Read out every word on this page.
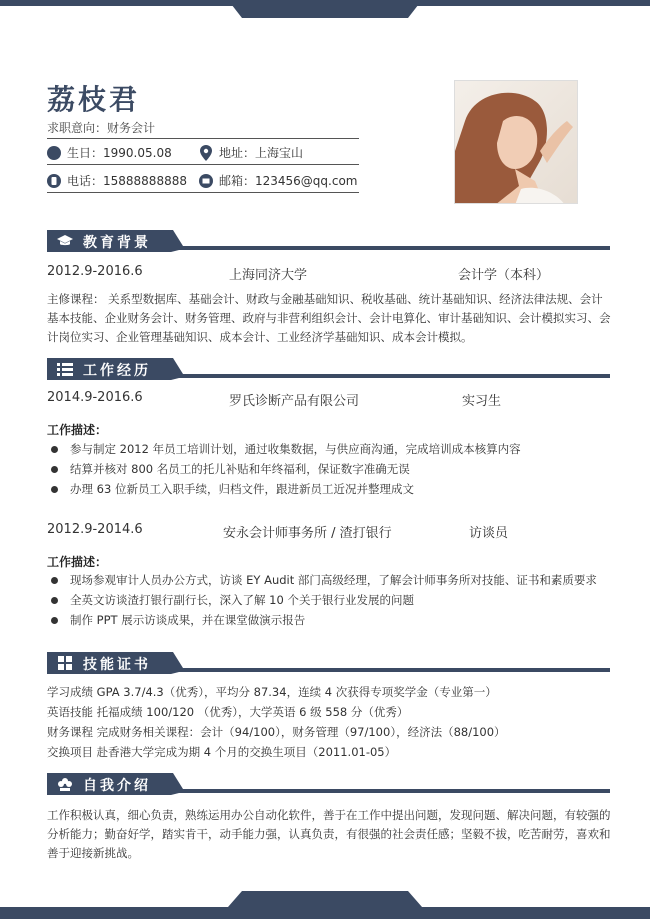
荔枝君
求职意向：财务会计
生日：1990.05.08	地址：上海宝山
电话：15888888888	邮箱：123456@qq.com
教育背景
2012.9-2016.6	上海同济大学	会计学（本科）
主修课程： 关系型数据库、基础会计、财政与金融基础知识、税收基础、统计基础知识、经济法律法规、会计基本技能、企业财务会计、财务管理、政府与非营利组织会计、会计电算化、审计基础知识、会计模拟实习、会计岗位实习、企业管理基础知识、成本会计、工业经济学基础知识、成本会计模拟。
工作经历
2014.9-2016.6	罗氏诊断产品有限公司	实习生
工作描述：
参与制定 2012 年员工培训计划，通过收集数据，与供应商沟通，完成培训成本核算内容
结算并核对 800 名员工的托儿补贴和年终福利，保证数字准确无误
办理 63 位新员工入职手续，归档文件，跟进新员工近况并整理成文
2012.9-2014.6	安永会计师事务所 / 渣打银行	访谈员
工作描述：
现场参观审计人员办公方式，访谈 EY Audit 部门高级经理，了解会计师事务所对技能、证书和素质要求
全英文访谈渣打银行副行长，深入了解 10 个关于银行业发展的问题
制作 PPT 展示访谈成果，并在课堂做演示报告
技能证书
学习成绩 GPA 3.7/4.3（优秀），平均分 87.34，连续 4 次获得专项奖学金（专业第一）
英语技能 托福成绩 100/120 （优秀），大学英语 6 级 558 分（优秀）
财务课程 完成财务相关课程：会计（94/100），财务管理（97/100），经济法（88/100）
交换项目 赴香港大学完成为期 4 个月的交换生项目（2011.01-05）
自我介绍
工作积极认真，细心负责，熟练运用办公自动化软件，善于在工作中提出问题，发现问题、解决问题，有较强的分析能力；勤奋好学，踏实肯干，动手能力强，认真负责，有很强的社会责任感；坚毅不拔，吃苦耐劳，喜欢和善于迎接新挑战。
